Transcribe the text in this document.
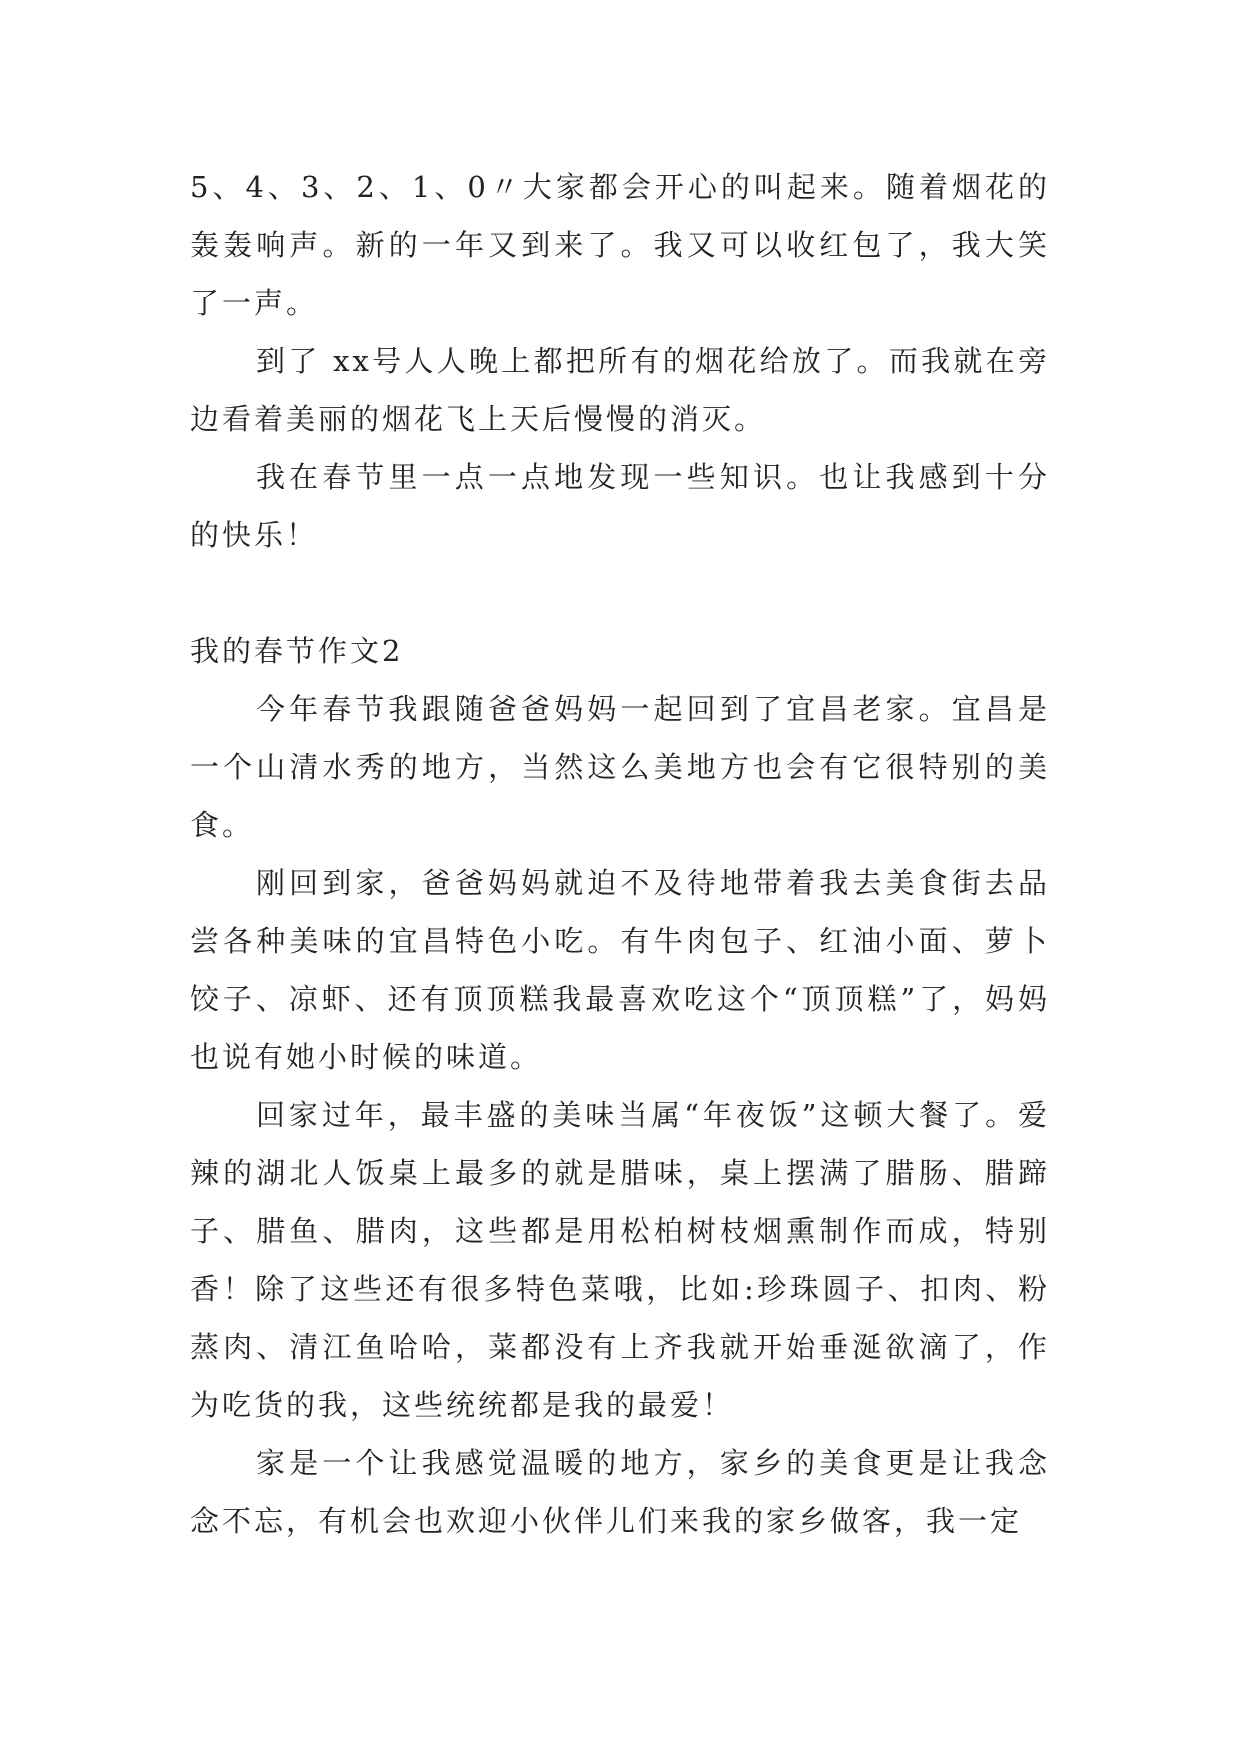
5、4、3、2、1、0〃大家都会开心的叫起来。随着烟花的轰轰响声。新的一年又到来了。我又可以收红包了，我大笑了一声。

到了 xx号人人晚上都把所有的烟花给放了。而我就在旁边看着美丽的烟花飞上天后慢慢的消灭。

我在春节里一点一点地发现一些知识。也让我感到十分的快乐！

我的春节作文2

今年春节我跟随爸爸妈妈一起回到了宜昌老家。宜昌是一个山清水秀的地方，当然这么美地方也会有它很特别的美食。

刚回到家，爸爸妈妈就迫不及待地带着我去美食街去品尝各种美味的宜昌特色小吃。有牛肉包子、红油小面、萝卜饺子、凉虾、还有顶顶糕我最喜欢吃这个“顶顶糕”了，妈妈也说有她小时候的味道。

回家过年，最丰盛的美味当属“年夜饭”这顿大餐了。爱辣的湖北人饭桌上最多的就是腊味，桌上摆满了腊肠、腊蹄子、腊鱼、腊肉，这些都是用松柏树枝烟熏制作而成，特别香！除了这些还有很多特色菜哦，比如:珍珠圆子、扣肉、粉蒸肉、清江鱼哈哈，菜都没有上齐我就开始垂涎欲滴了，作为吃货的我，这些统统都是我的最爱！

家是一个让我感觉温暖的地方，家乡的美食更是让我念念不忘，有机会也欢迎小伙伴儿们来我的家乡做客，我一定
